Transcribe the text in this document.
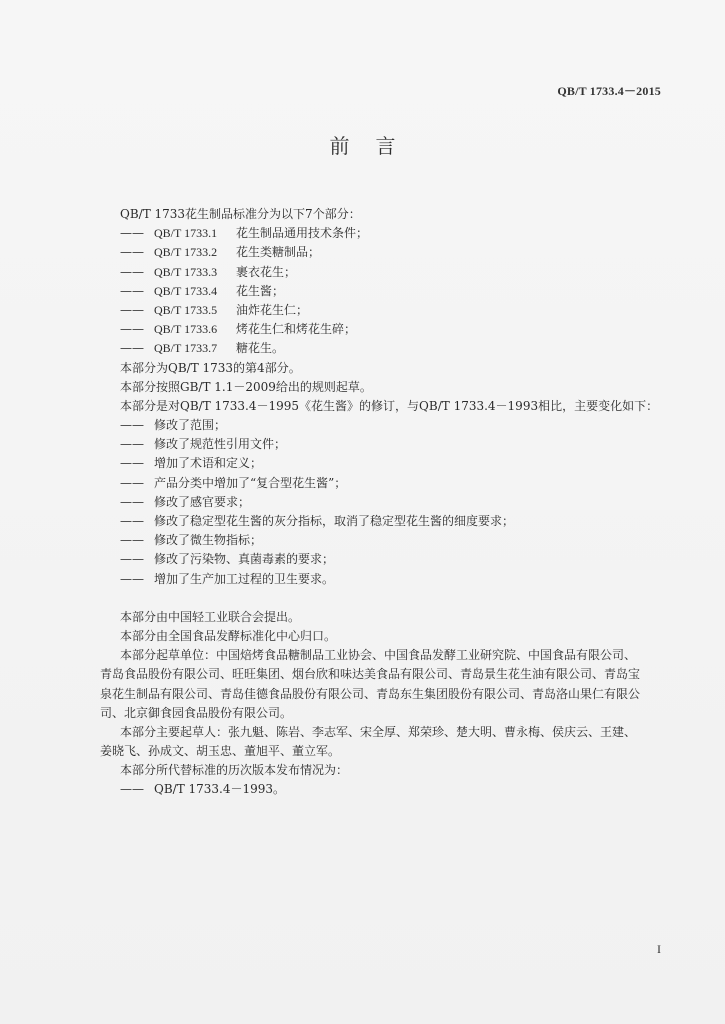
QB/T 1733.4－2015
前言
QB/T 1733花生制品标准分为以下7个部分：
—— QB/T 1733.1 花生制品通用技术条件；
—— QB/T 1733.2 花生类糖制品；
—— QB/T 1733.3 裹衣花生；
—— QB/T 1733.4 花生酱；
—— QB/T 1733.5 油炸花生仁；
—— QB/T 1733.6 烤花生仁和烤花生碎；
—— QB/T 1733.7 糖花生。
本部分为QB/T 1733的第4部分。
本部分按照GB/T 1.1－2009给出的规则起草。
本部分是对QB/T 1733.4－1995《花生酱》的修订，与QB/T 1733.4－1993相比，主要变化如下：
—— 修改了范围；
—— 修改了规范性引用文件；
—— 增加了术语和定义；
—— 产品分类中增加了“复合型花生酱”；
—— 修改了感官要求；
—— 修改了稳定型花生酱的灰分指标，取消了稳定型花生酱的细度要求；
—— 修改了微生物指标；
—— 修改了污染物、真菌毒素的要求；
—— 增加了生产加工过程的卫生要求。
本部分由中国轻工业联合会提出。
本部分由全国食品发酵标准化中心归口。
本部分起草单位：中国焙烤食品糖制品工业协会、中国食品发酵工业研究院、中国食品有限公司、
青岛食品股份有限公司、旺旺集团、烟台欣和味达美食品有限公司、青岛景生花生油有限公司、青岛宝
泉花生制品有限公司、青岛佳德食品股份有限公司、青岛东生集团股份有限公司、青岛洛山果仁有限公
司、北京御食园食品股份有限公司。
本部分主要起草人：张九魁、陈岩、李志军、宋全厚、郑荣珍、楚大明、曹永梅、侯庆云、王建、
姜晓飞、孙成文、胡玉忠、董旭平、董立军。
本部分所代替标准的历次版本发布情况为：
—— QB/T 1733.4－1993。
I
